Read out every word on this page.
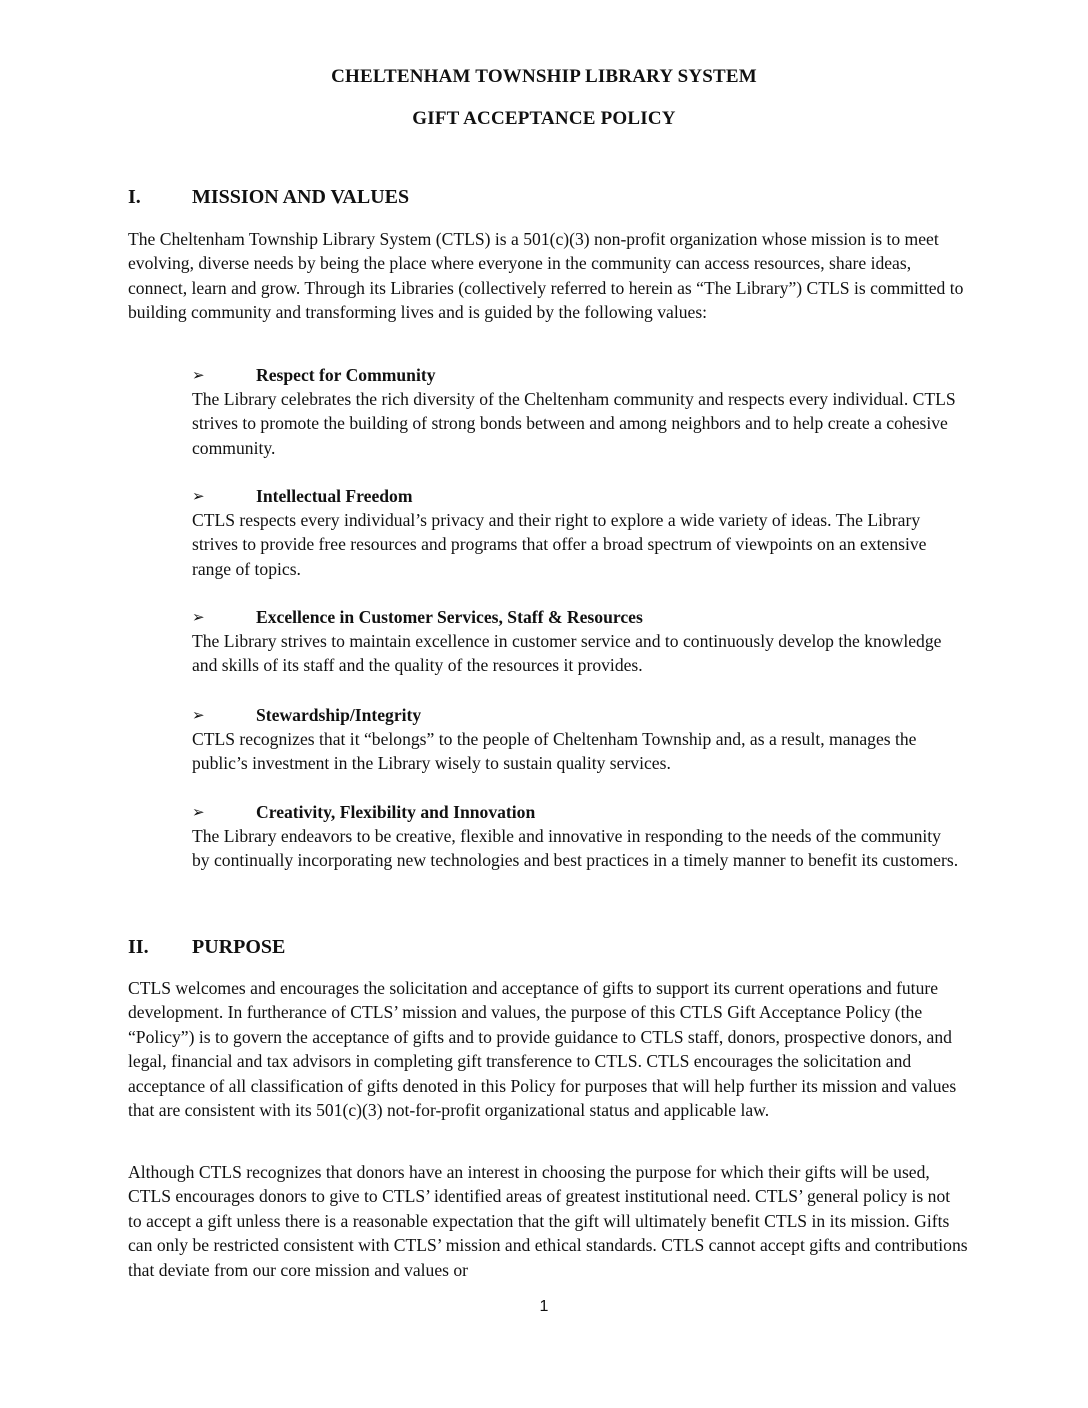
CHELTENHAM TOWNSHIP LIBRARY SYSTEM
GIFT ACCEPTANCE POLICY
I.	MISSION AND VALUES

The Cheltenham Township Library System (CTLS) is a 501(c)(3) non-profit organization whose mission is to meet evolving, diverse needs by being the place where everyone in the community can access resources, share ideas, connect, learn and grow. Through its Libraries (collectively referred to herein as “The Library”) CTLS is committed to building community and transforming lives and is guided by the following values:

➢	Respect for Community

The Library celebrates the rich diversity of the Cheltenham community and respects every individual. CTLS strives to promote the building of strong bonds between and among neighbors and to help create a cohesive community.

➢	Intellectual Freedom

CTLS respects every individual’s privacy and their right to explore a wide variety of ideas. The Library strives to provide free resources and programs that offer a broad spectrum of viewpoints on an extensive range of topics.

➢	Excellence in Customer Services, Staff & Resources

The Library strives to maintain excellence in customer service and to continuously develop the knowledge and skills of its staff and the quality of the resources it provides.

➢	Stewardship/Integrity

CTLS recognizes that it “belongs” to the people of Cheltenham Township and, as a result, manages the public’s investment in the Library wisely to sustain quality services.

➢	Creativity, Flexibility and Innovation

The Library endeavors to be creative, flexible and innovative in responding to the needs of the community by continually incorporating new technologies and best practices in a timely manner to benefit its customers.

II. PURPOSE

CTLS welcomes and encourages the solicitation and acceptance of gifts to support its current operations and future development. In furtherance of CTLS’ mission and values, the purpose of this CTLS Gift Acceptance Policy (the “Policy”) is to govern the acceptance of gifts and to provide guidance to CTLS staff, donors, prospective donors, and legal, financial and tax advisors in completing gift transference to CTLS. CTLS encourages the solicitation and acceptance of all classification of gifts denoted in this Policy for purposes that will help further its mission and values that are consistent with its 501(c)(3) not-for-profit organizational status and applicable law.

Although CTLS recognizes that donors have an interest in choosing the purpose for which their gifts will be used, CTLS encourages donors to give to CTLS’ identified areas of greatest institutional need. CTLS’ general policy is not to accept a gift unless there is a reasonable expectation that the gift will ultimately benefit CTLS in its mission. Gifts can only be restricted consistent with CTLS’ mission and ethical standards. CTLS cannot accept gifts and contributions that deviate from our core mission and values or

1
